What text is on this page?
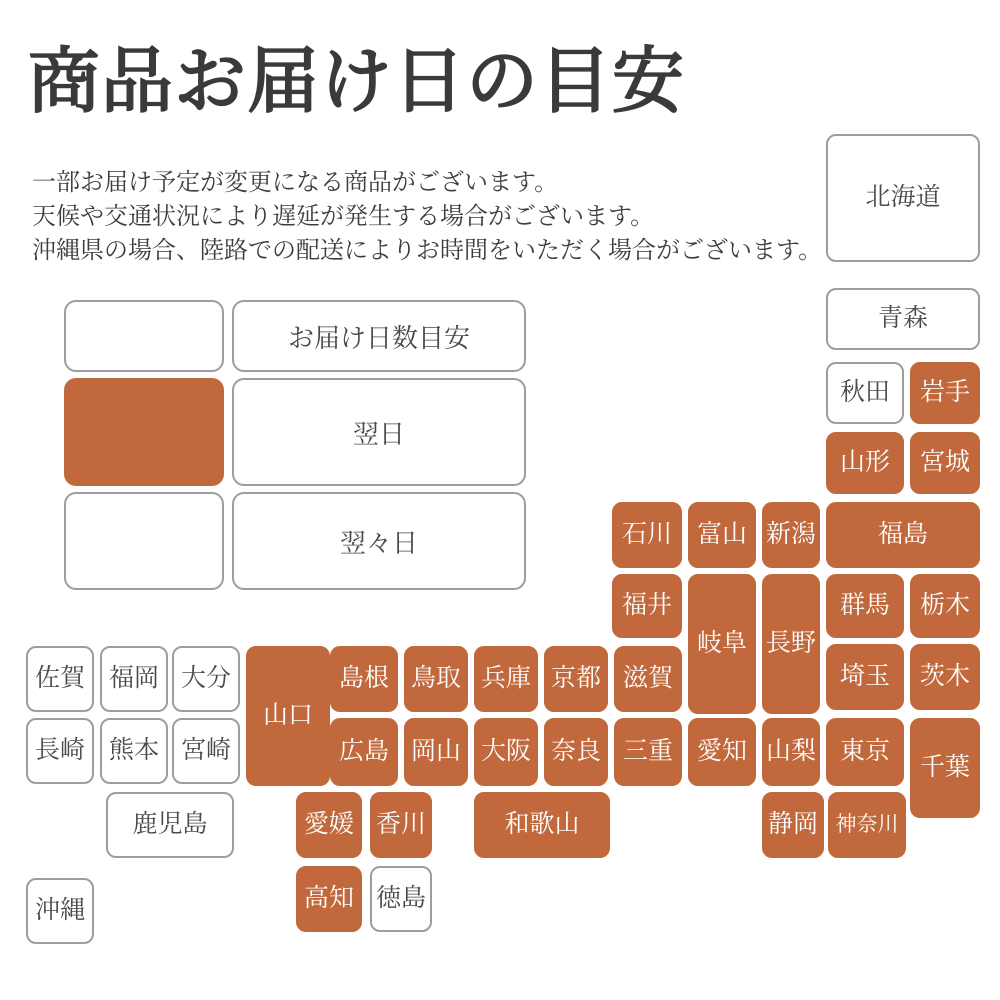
商品お届け日の目安
一部お届け予定が変更になる商品がございます。
天候や交通状況により遅延が発生する場合がございます。
沖縄県の場合、陸路での配送によりお時間をいただく場合がございます。
お届け日数目安
翌日
翌々日
北海道
青森
秋田	岩手
山形	宮城
福島
石川 富山 新潟
福井
岐阜 長野
群馬	栃木
山口
島根 鳥取 兵庫 京都 滋賀	埼玉	茨木
佐賀 福岡 大分
長崎 熊本 宮崎	広島 岡山 大阪 奈良 三重 愛知 山梨 東京
千葉
鹿児島	愛媛 香川	和歌山	静岡 神奈川
高知 徳島
沖縄
